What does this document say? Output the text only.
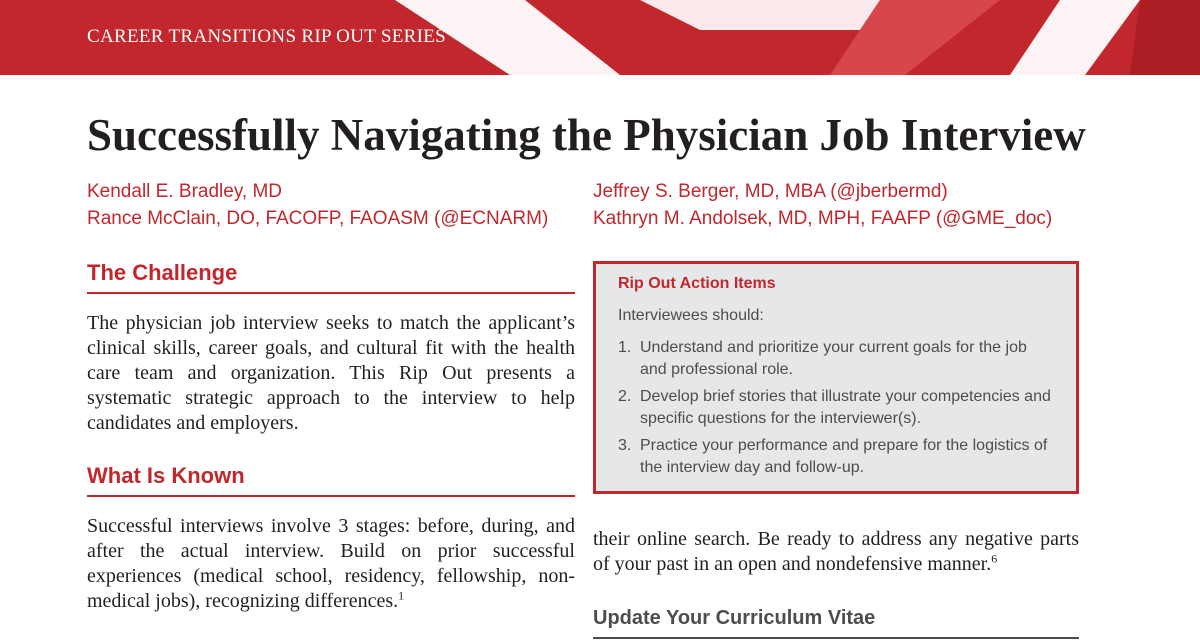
CAREER TRANSITIONS RIP OUT SERIES
Successfully Navigating the Physician Job Interview
Kendall E. Bradley, MD
Rance McClain, DO, FACOFP, FAOASM (@ECNARM)
Jeffrey S. Berger, MD, MBA (@jberbermd)
Kathryn M. Andolsek, MD, MPH, FAAFP (@GME_doc)
The Challenge

The physician job interview seeks to match the applicant’s clinical skills, career goals, and cultural fit with the health care team and organization. This Rip Out presents a systematic strategic approach to the interview to help candidates and employers.

What Is Known

Successful interviews involve 3 stages: before, during, and after the actual interview. Build on prior successful experiences (medical school, residency, fellowship, non-medical jobs), recognizing differences.$^1$

Rip Out Action Items
Interviewees should:
1. Understand and prioritize your current goals for the job and professional role.
2. Develop brief stories that illustrate your competencies and specific questions for the interviewer(s).
3. Practice your performance and prepare for the logistics of the interview day and follow-up.

their online search. Be ready to address any negative parts of your past in an open and nondefensive manner.$^6$

Update Your Curriculum Vitae
